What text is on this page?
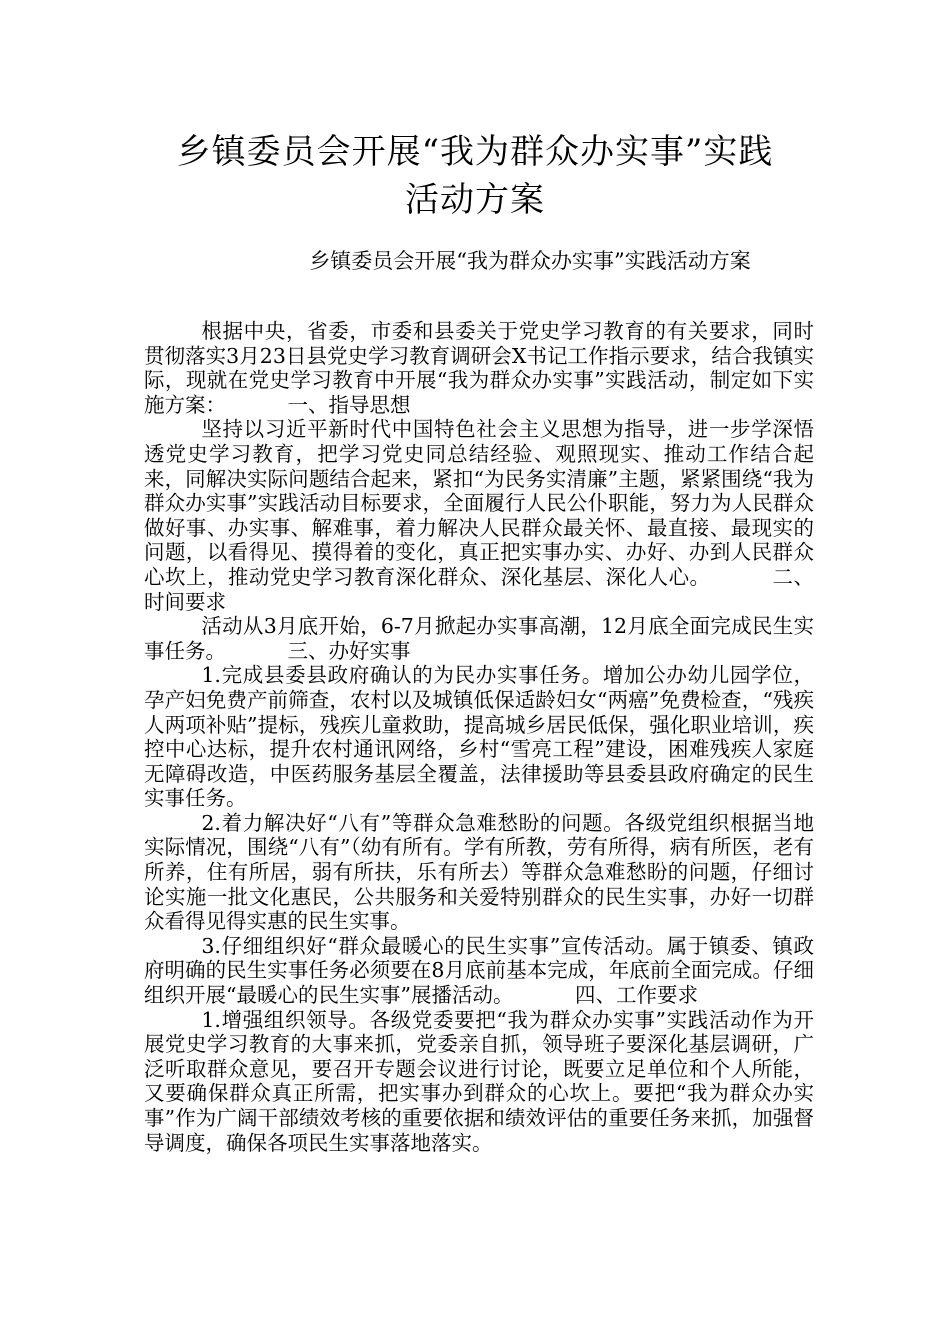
乡镇委员会开展“我为群众办实事”实践
活动方案
乡镇委员会开展“我为群众办实事”实践活动方案

根据中央，省委，市委和县委关于党史学习教育的有关要求，同时贯彻落实3月23日县党史学习教育调研会X书记工作指示要求，结合我镇实际，现就在党史学习教育中开展“我为群众办实事”实践活动，制定如下实施方案：	一、指导思想

坚持以习近平新时代中国特色社会主义思想为指导，进一步学深悟透党史学习教育，把学习党史同总结经验、观照现实、推动工作结合起来，同解决实际问题结合起来，紧扣“为民务实清廉”主题，紧紧围绕“我为群众办实事”实践活动目标要求，全面履行人民公仆职能，努力为人民群众做好事、办实事、解难事，着力解决人民群众最关怀、最直接、最现实的问题，以看得见、摸得着的变化，真正把实事办实、办好、办到人民群众心坎上，推动党史学习教育深化群众、深化基层、深化人心。	二、时间要求

活动从3月底开始，6-7月掀起办实事高潮，12月底全面完成民生实事任务。	三、办好实事

1.完成县委县政府确认的为民办实事任务。增加公办幼儿园学位，孕产妇免费产前筛查，农村以及城镇低保适龄妇女“两癌”免费检查，“残疾人两项补贴”提标，残疾儿童救助，提高城乡居民低保，强化职业培训，疾控中心达标，提升农村通讯网络，乡村“雪亮工程”建设，困难残疾人家庭无障碍改造，中医药服务基层全覆盖，法律援助等县委县政府确定的民生实事任务。

2.着力解决好“八有”等群众急难愁盼的问题。各级党组织根据当地实际情况，围绕“八有”（幼有所有。学有所教，劳有所得，病有所医，老有所养，住有所居，弱有所扶，乐有所去）等群众急难愁盼的问题，仔细讨论实施一批文化惠民，公共服务和关爱特别群众的民生实事，办好一切群众看得见得实惠的民生实事。

3.仔细组织好“群众最暖心的民生实事”宣传活动。属于镇委、镇政府明确的民生实事任务必须要在8月底前基本完成，年底前全面完成。仔细组织开展“最暖心的民生实事”展播活动。	四、工作要求

1.增强组织领导。各级党委要把“我为群众办实事”实践活动作为开展党史学习教育的大事来抓，党委亲自抓，领导班子要深化基层调研，广泛听取群众意见，要召开专题会议进行讨论，既要立足单位和个人所能，又要确保群众真正所需，把实事办到群众的心坎上。要把“我为群众办实事”作为广阔干部绩效考核的重要依据和绩效评估的重要任务来抓，加强督导调度，确保各项民生实事落地落实。
